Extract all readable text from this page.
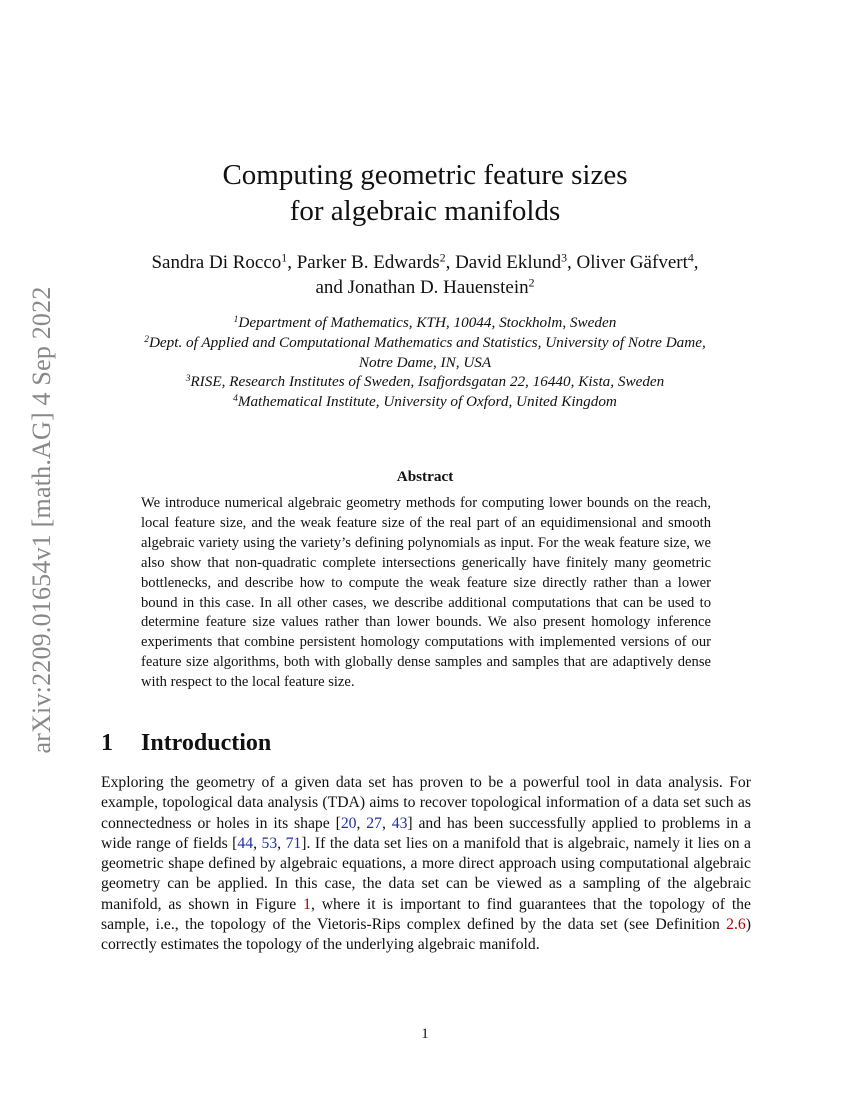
arXiv:2209.01654v1 [math.AG] 4 Sep 2022
Computing geometric feature sizes
for algebraic manifolds
Sandra Di Rocco$^1$, Parker B. Edwards$^2$, David Eklund$^3$, Oliver Gäfvert$^4$,
and Jonathan D. Hauenstein$^2$
$^1$Department of Mathematics, KTH, 10044, Stockholm, Sweden
$^2$Dept. of Applied and Computational Mathematics and Statistics, University of Notre Dame,
Notre Dame, IN, USA
$^3$RISE, Research Institutes of Sweden, Isafjordsgatan 22, 16440, Kista, Sweden
$^4$Mathematical Institute, University of Oxford, United Kingdom
Abstract
We introduce numerical algebraic geometry methods for computing lower bounds on the reach, local feature size, and the weak feature size of the real part of an equidimensional and smooth algebraic variety using the variety’s defining polynomials as input. For the weak feature size, we also show that non-quadratic complete intersections generically have finitely many geometric bottlenecks, and describe how to compute the weak feature size directly rather than a lower bound in this case. In all other cases, we describe additional computations that can be used to determine feature size values rather than lower bounds. We also present homology inference experiments that combine persistent homology computations with implemented versions of our feature size algorithms, both with globally dense samples and samples that are adaptively dense with respect to the local feature size.
1 Introduction
Exploring the geometry of a given data set has proven to be a powerful tool in data analysis. For example, topological data analysis (TDA) aims to recover topological information of a data set such as connectedness or holes in its shape [20, 27, 43] and has been successfully applied to problems in a wide range of fields [44, 53, 71]. If the data set lies on a manifold that is algebraic, namely it lies on a geometric shape defined by algebraic equations, a more direct approach using computational algebraic geometry can be applied. In this case, the data set can be viewed as a sampling of the algebraic manifold, as shown in Figure 1, where it is important to find guarantees that the topology of the sample, i.e., the topology of the Vietoris-Rips complex defined by the data set (see Definition 2.6) correctly estimates the topology of the underlying algebraic manifold.
1
